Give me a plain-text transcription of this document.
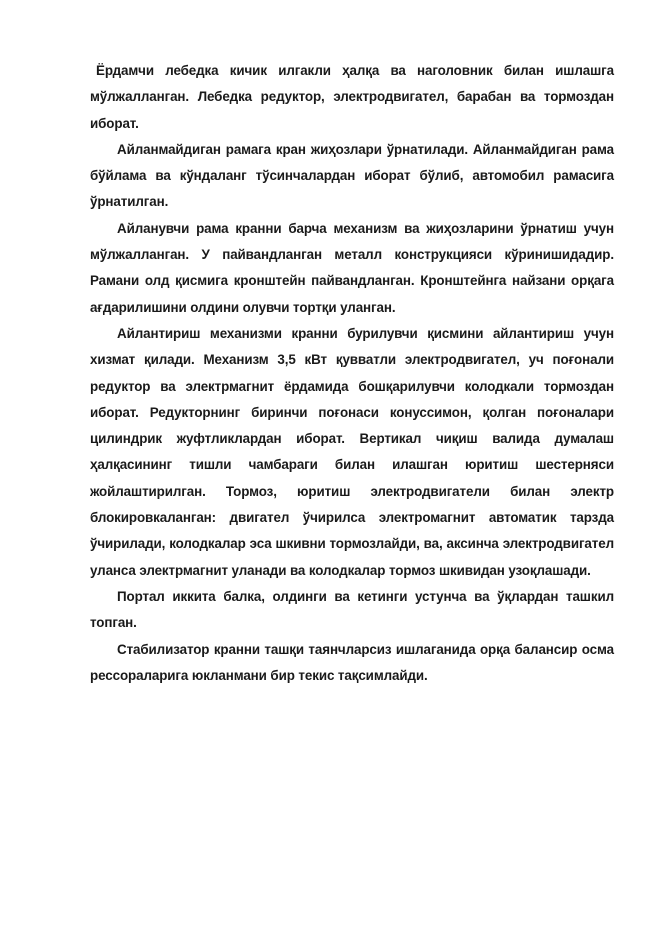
Ёрдамчи лебедка кичик илгакли ҳалқа ва наголовник билан ишлашга мўлжалланган. Лебедка редуктор, электродвигател, барабан ва тормоздан иборат.

Айланмайдиган рамага кран жиҳозлари ўрнатилади. Айланмайдиган рама бўйлама ва кўндаланг тўсинчалардан иборат бўлиб, автомобил рамасига ўрнатилган.

Айланувчи рама кранни барча механизм ва жиҳозларини ўрнатиш учун мўлжалланган. У пайвандланган металл конструкцияси кўринишидадир. Рамани олд қисмига кронштейн пайвандланган. Кронштейнга найзани орқага ағдарилишини олдини олувчи тортқи уланган.

Айлантириш механизми кранни бурилувчи қисмини айлантириш учун хизмат қилади. Механизм 3,5 кВт қувватли электродвигател, уч поғонали редуктор ва электрмагнит ёрдамида бошқарилувчи колодкали тормоздан иборат. Редукторнинг биринчи поғонаси конуссимон, қолган поғоналари цилиндрик жуфтликлардан иборат. Вертикал чиқиш валида думалаш ҳалқасининг тишли чамбараги билан илашган юритиш шестерняси жойлаштирилган. Тормоз, юритиш электродвигатели билан электр блокировкаланган: двигател ўчирилса электромагнит автоматик тарзда ўчирилади, колодкалар эса шкивни тормозлайди, ва, аксинча электродвигател уланса электрмагнит уланади ва колодкалар тормоз шкивидан узоқлашади.

Портал иккита балка, олдинги ва кетинги устунча ва ўқлардан ташкил топган.

Стабилизатор кранни ташқи таянчларсиз ишлаганида орқа балансир осма рессораларига юкланмани бир текис тақсимлайди.
